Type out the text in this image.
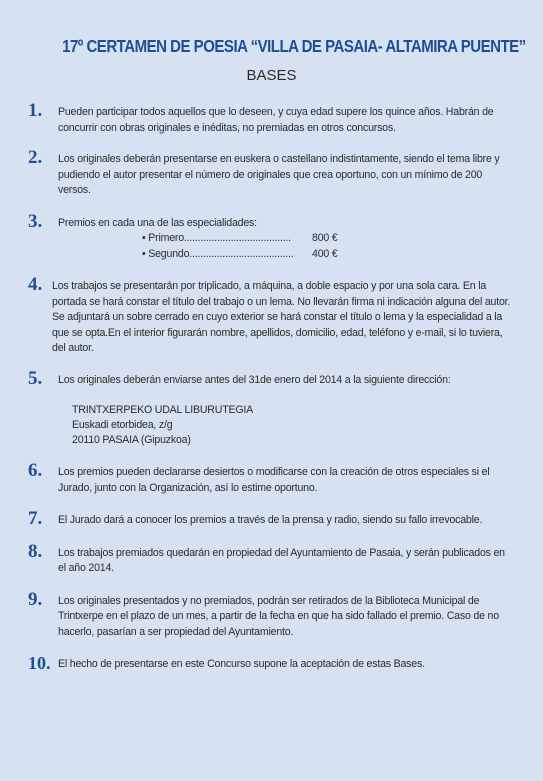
17º CERTAMEN DE POESIA “VILLA DE PASAIA- ALTAMIRA PUENTE”

BASES

1.	Pueden participar todos aquellos que lo deseen, y cuya edad supere los quince años. Habrán de concurrir con obras originales e inéditas, no premiadas en otros concursos.
2.	Los originales deberán presentarse en euskera o castellano indistintamente, siendo el tema libre y pudiendo el autor presentar el número de originales que crea oportuno, con un mínimo de 200 versos.
3.	Premios en cada una de las especialidades:
• Primero.......................................	800 €
• Segundo......................................	400 €
4. Los trabajos se presentarán por triplicado, a máquina, a doble espacio y por una sola cara. En la portada se hará constar el título del trabajo o un lema. No llevarán firma ni indicación alguna del autor. Se adjuntará un sobre cerrado en cuyo exterior se hará constar el título o lema y la especialidad a la que se opta.En el interior figurarán nombre, apellidos, domicilio, edad, teléfono y e-mail, si lo tuviera, del autor.
5.	Los originales deberán enviarse antes del 31de enero del 2014 a la siguiente dirección:
TRINTXERPEKO UDAL LIBURUTEGIA
Euskadi etorbidea, z/g
20110 PASAIA (Gipuzkoa)
6.	Los premios pueden declararse desiertos o modificarse con la creación de otros especiales si el Jurado, junto con la Organización, así lo estime oportuno.
7.	El Jurado dará a conocer los premios a través de la prensa y radio, siendo su fallo irrevocable.
8.	Los trabajos premiados quedarán en propiedad del Ayuntamiento de Pasaia, y serán publicados en el año 2014.
9.	Los originales presentados y no premiados, podrán ser retirados de la Biblioteca Municipal de Trintxerpe en el plazo de un mes, a partir de la fecha en que ha sido fallado el premio. Caso de no hacerlo, pasarían a ser propiedad del Ayuntamiento.
10. El hecho de presentarse en este Concurso supone la aceptación de estas Bases.
